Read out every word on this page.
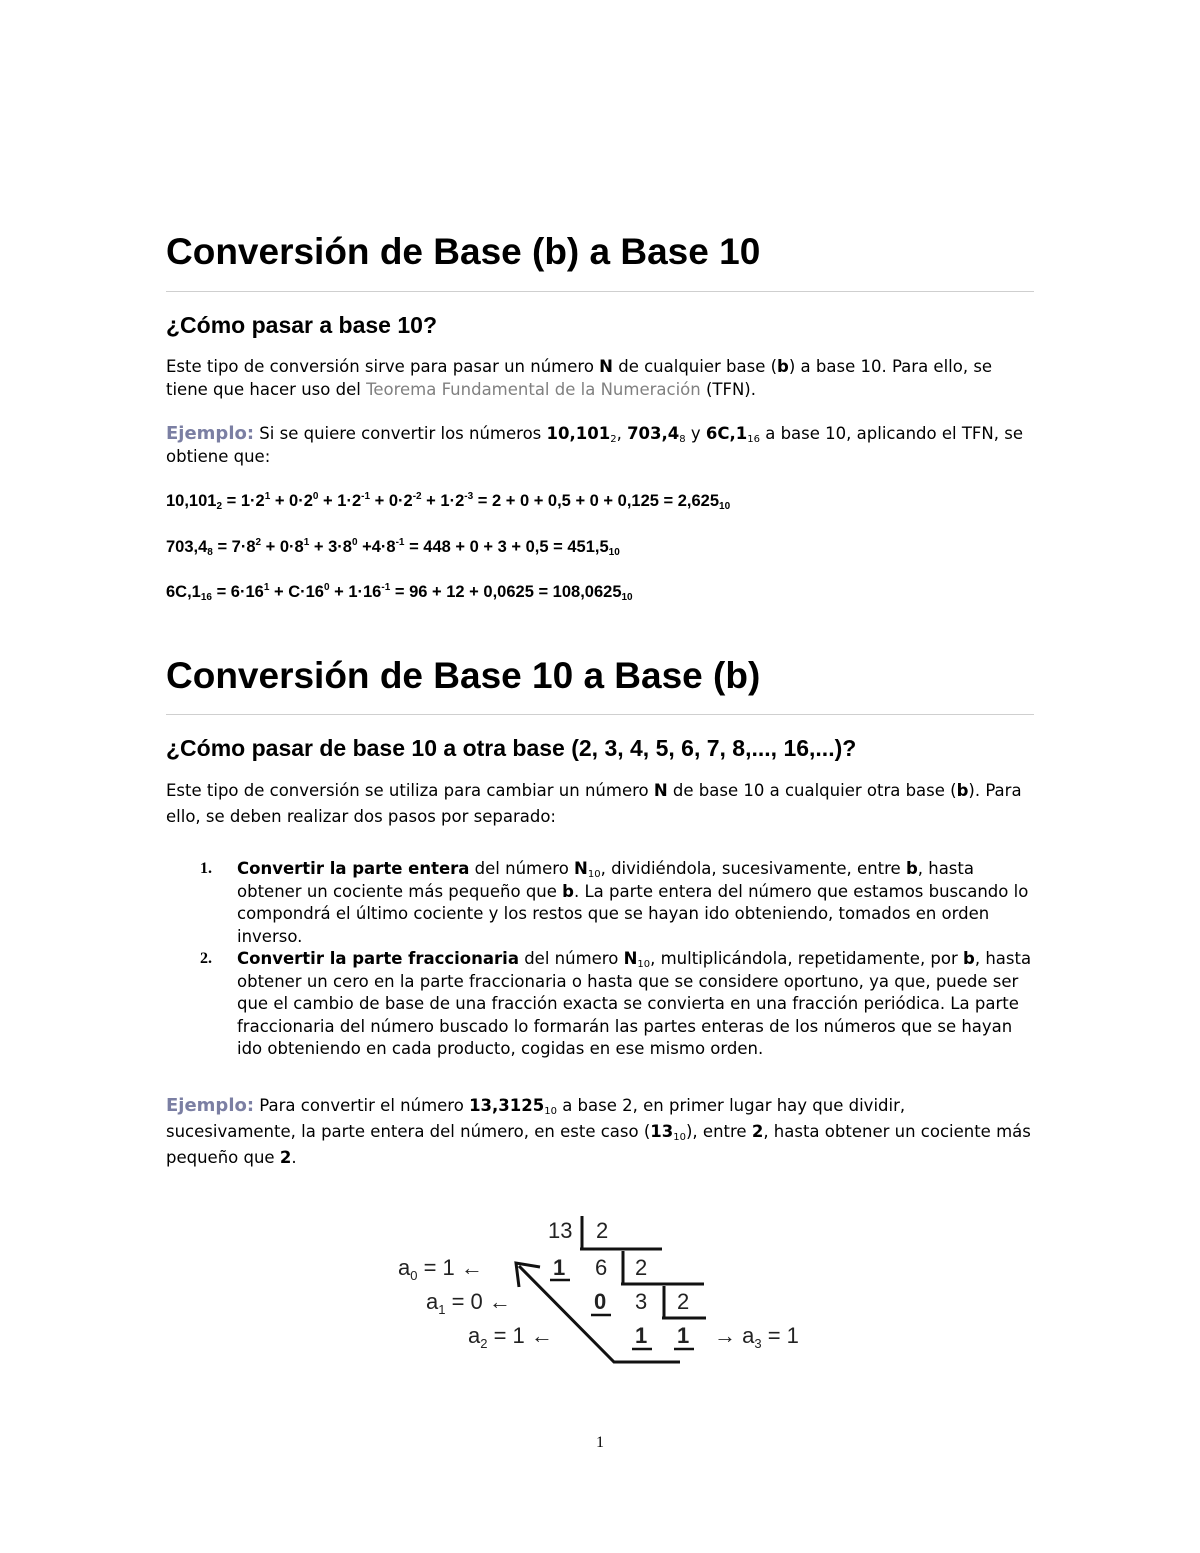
Conversión de Base (b) a Base 10
¿Cómo pasar a base 10?

Este tipo de conversión sirve para pasar un número N de cualquier base (b) a base 10. Para ello, se tiene que hacer uso del Teorema Fundamental de la Numeración (TFN).

Ejemplo: Si se quiere convertir los números $10,101_2$, $703,4_8$ y $6C,1_{16}$ a base 10, aplicando el TFN, se obtiene que:

$10,101_2 = 1\cdot 2^1 + 0\cdot 2^0 + 1\cdot 2^{-1} + 0\cdot 2^{-2} + 1\cdot 2^{-3} = 2 + 0 + 0,5 + 0 + 0,125 = 2,625_{10}$

$703,4_8 = 7\cdot 8^2 + 0\cdot 8^1 + 3\cdot 8^0 +4\cdot 8^{-1} = 448 + 0 + 3 + 0,5 = 451,5_{10}$

$6C,1_{16} = 6\cdot 16^1 + C\cdot 16^0 + 1\cdot 16^{-1} = 96 + 12 + 0,0625 = 108,0625_{10}$

Conversión de Base 10 a Base (b)
¿Cómo pasar de base 10 a otra base (2, 3, 4, 5, 6, 7, 8,..., 16,...)?

Este tipo de conversión se utiliza para cambiar un número N de base 10 a cualquier otra base (b). Para ello, se deben realizar dos pasos por separado:

1. Convertir la parte entera del número $N_{10}$, dividiéndola, sucesivamente, entre b, hasta obtener un cociente más pequeño que b. La parte entera del número que estamos buscando lo compondrá el último cociente y los restos que se hayan ido obteniendo, tomados en orden inverso.
2. Convertir la parte fraccionaria del número $N_{10}$, multiplicándola, repetidamente, por b, hasta obtener un cero en la parte fraccionaria o hasta que se considere oportuno, ya que, puede ser que el cambio de base de una fracción exacta se convierta en una fracción periódica. La parte fraccionaria del número buscado lo formarán las partes enteras de los números que se hayan ido obteniendo en cada producto, cogidas en ese mismo orden.

Ejemplo: Para convertir el número $13,3125_{10}$ a base 2, en primer lugar hay que dividir, sucesivamente, la parte entera del número, en este caso $(13_{10})$, entre 2, hasta obtener un cociente más pequeño que 2.

13 2
1 6 2
0 3 2
1 1
$a_0 = 1$ ←
$a_1 = 0$ ←
$a_2 = 1$ ←	→ $a_3 = 1$
1
